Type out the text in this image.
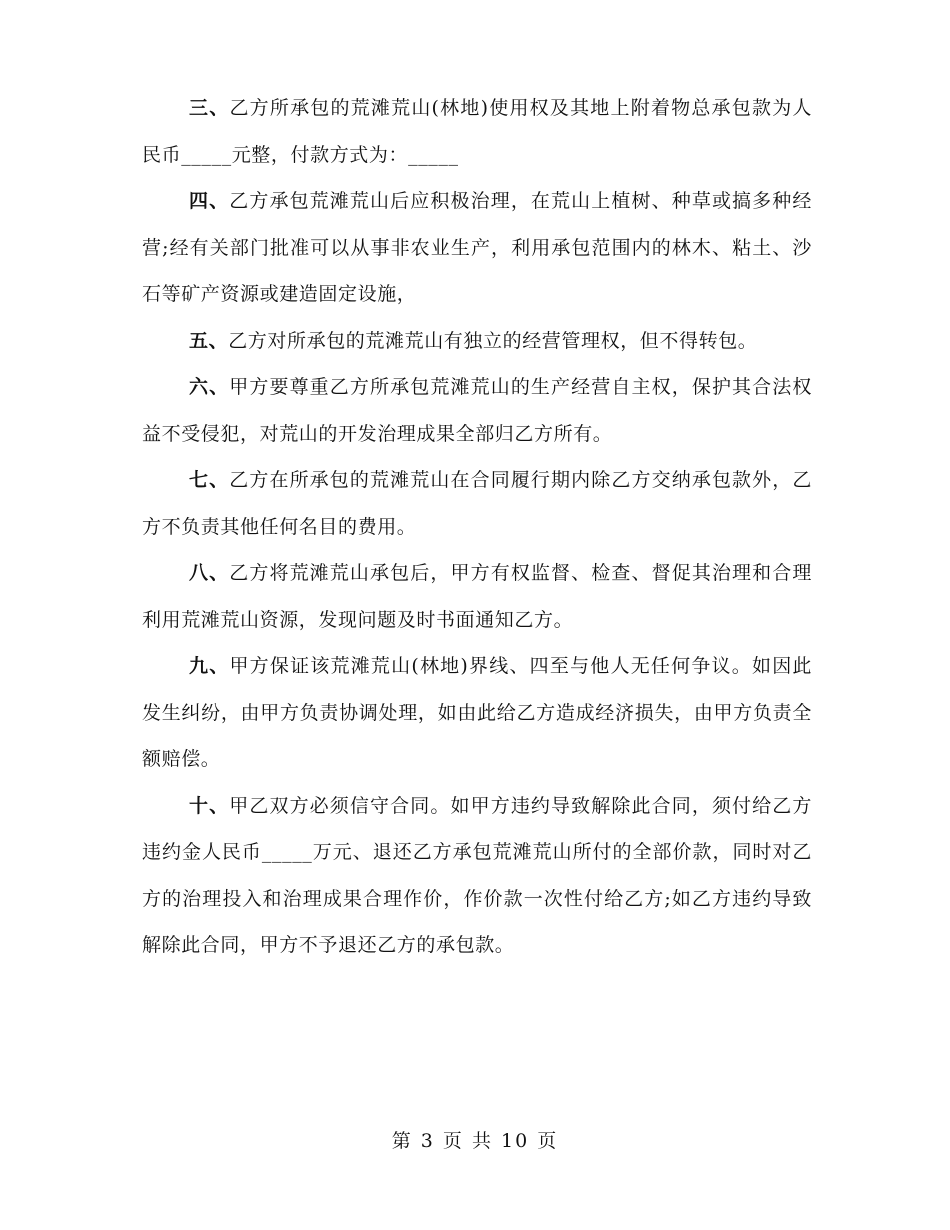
三、乙方所承包的荒滩荒山(林地)使用权及其地上附着物总承包款为人民币_____元整，付款方式为：_____

四、乙方承包荒滩荒山后应积极治理，在荒山上植树、种草或搞多种经营;经有关部门批准可以从事非农业生产，利用承包范围内的林木、粘土、沙石等矿产资源或建造固定设施，

五、乙方对所承包的荒滩荒山有独立的经营管理权，但不得转包。

六、甲方要尊重乙方所承包荒滩荒山的生产经营自主权，保护其合法权益不受侵犯，对荒山的开发治理成果全部归乙方所有。

七、乙方在所承包的荒滩荒山在合同履行期内除乙方交纳承包款外，乙方不负责其他任何名目的费用。

八、乙方将荒滩荒山承包后，甲方有权监督、检查、督促其治理和合理利用荒滩荒山资源，发现问题及时书面通知乙方。

九、甲方保证该荒滩荒山(林地)界线、四至与他人无任何争议。如因此发生纠纷，由甲方负责协调处理，如由此给乙方造成经济损失，由甲方负责全额赔偿。

十、甲乙双方必须信守合同。如甲方违约导致解除此合同，须付给乙方违约金人民币_____万元、退还乙方承包荒滩荒山所付的全部价款，同时对乙方的治理投入和治理成果合理作价，作价款一次性付给乙方;如乙方违约导致解除此合同，甲方不予退还乙方的承包款。

第 3 页 共 10 页
